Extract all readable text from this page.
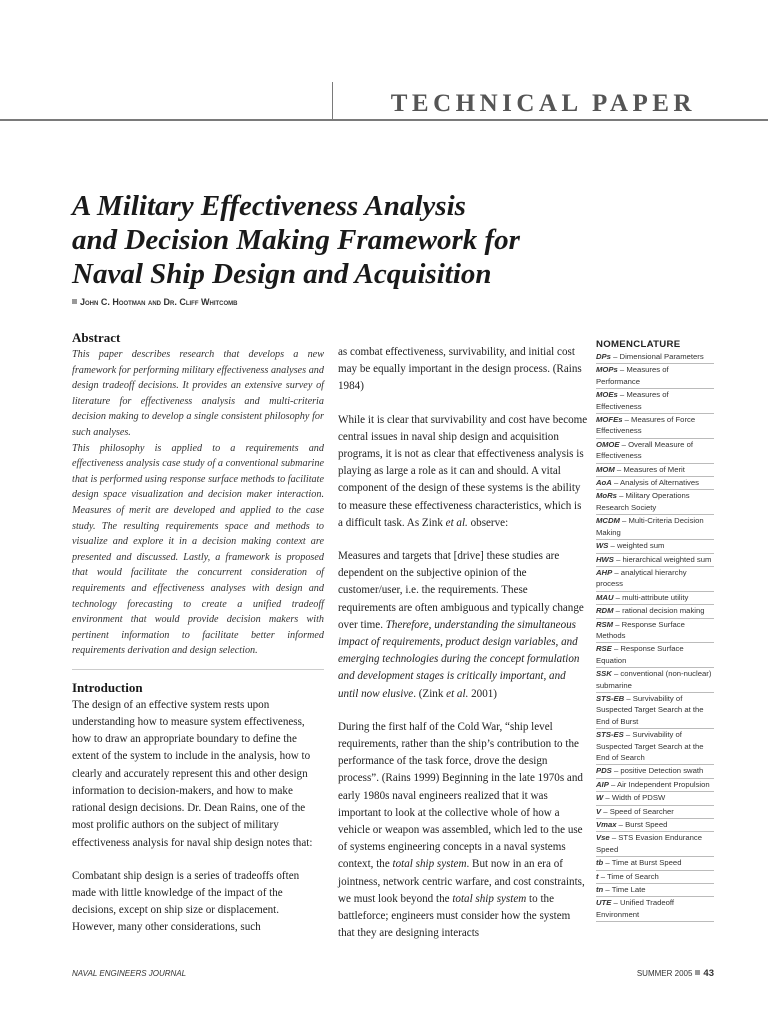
TECHNICAL PAPER
A Military Effectiveness Analysis
and Decision Making Framework for
Naval Ship Design and Acquisition
John C. Hootman and Dr. Cliff Whitcomb
Abstract

This paper describes research that develops a new framework for performing military effectiveness analyses and design tradeoff decisions. It provides an extensive survey of literature for effectiveness analysis and multi-criteria decision making to develop a single consistent philosophy for such analyses.

This philosophy is applied to a requirements and effectiveness analysis case study of a conventional submarine that is performed using response surface methods to facilitate design space visualization and decision maker interaction. Measures of merit are developed and applied to the case study. The resulting requirements space and methods to visualize and explore it in a decision making context are presented and discussed. Lastly, a framework is proposed that would facilitate the concurrent consideration of requirements and effectiveness analyses with design and technology forecasting to create a unified tradeoff environment that would provide decision makers with pertinent information to facilitate better informed requirements derivation and design selection.

Introduction

The design of an effective system rests upon understanding how to measure system effectiveness, how to draw an appropriate boundary to define the extent of the system to include in the analysis, how to clearly and accurately represent this and other design information to decision-makers, and how to make rational design decisions. Dr. Dean Rains, one of the most prolific authors on the subject of military effectiveness analysis for naval ship design notes that:

Combatant ship design is a series of tradeoffs often made with little knowledge of the impact of the decisions, except on ship size or displacement. However, many other considerations, such

as combat effectiveness, survivability, and initial cost may be equally important in the design process. (Rains 1984)

While it is clear that survivability and cost have become central issues in naval ship design and acquisition programs, it is not as clear that effectiveness analysis is playing as large a role as it can and should. A vital component of the design of these systems is the ability to measure these effectiveness characteristics, which is a difficult task. As Zink et al. observe:

Measures and targets that [drive] these studies are dependent on the subjective opinion of the customer/user, i.e. the requirements. These requirements are often ambiguous and typically change over time. Therefore, understanding the simultaneous impact of requirements, product design variables, and emerging technologies during the concept formulation and development stages is critically important, and until now elusive. (Zink et al. 2001)

During the first half of the Cold War, “ship level requirements, rather than the ship’s contribution to the performance of the task force, drove the design process”. (Rains 1999) Beginning in the late 1970s and early 1980s naval engineers realized that it was important to look at the collective whole of how a vehicle or weapon was assembled, which led to the use of systems engineering concepts in a naval systems context, the total ship system. But now in an era of jointness, network centric warfare, and cost constraints, we must look beyond the total ship system to the battleforce; engineers must consider how the system that they are designing interacts

NOMENCLATURE
DPs – Dimensional Parameters
MOPs – Measures of Performance
MOEs – Measures of Effectiveness
MOFEs – Measures of Force Effectiveness
OMOE – Overall Measure of Effectiveness
MOM – Measures of Merit
AoA – Analysis of Alternatives
MoRs – Military Operations Research Society
MCDM – Multi-Criteria Decision Making
WS – weighted sum
HWS – hierarchical weighted sum
AHP – analytical hierarchy process
MAU – multi-attribute utility
RDM – rational decision making
RSM – Response Surface Methods
RSE – Response Surface Equation
SSK – conventional (non-nuclear) submarine
STS-EB – Survivability of Suspected Target Search at the End of Burst
STS-ES – Survivability of Suspected Target Search at the End of Search
PDS – positive Detection swath
AIP – Air Independent Propulsion
W – Width of PDSW
V – Speed of Searcher
Vmax – Burst Speed
Vse – STS Evasion Endurance Speed
tb – Time at Burst Speed
t – Time of Search
tn – Time Late
UTE – Unified Tradeoff Environment
NAVAL ENGINEERS JOURNAL	SUMMER 2005 43
